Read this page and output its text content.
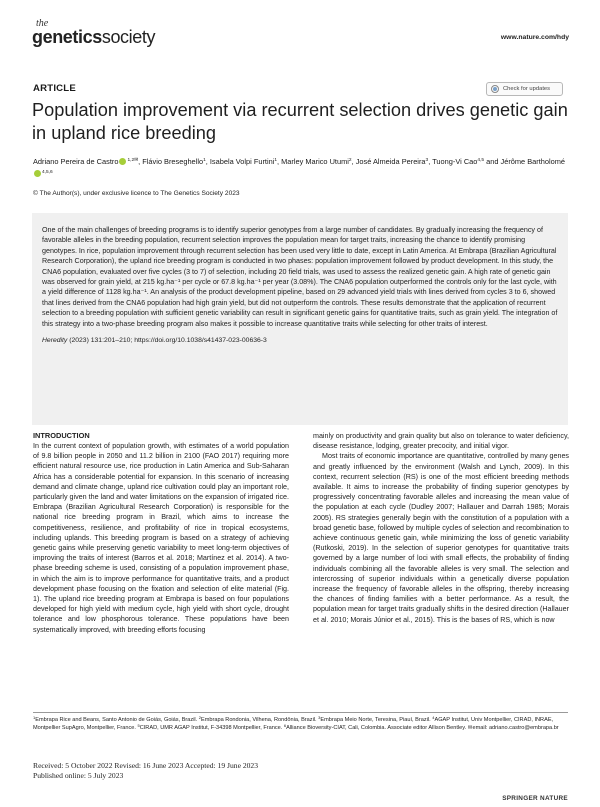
the
geneticssociety	www.nature.com/hdy
ARTICLE	Check for updates
Population improvement via recurrent selection drives genetic gain in upland rice breeding
Adriano Pereira de Castro $^{1,2✉}$, Flávio Breseghello$^1$, Isabela Volpi Furtini$^1$, Marley Marico Utumi$^2$, José Almeida Pereira$^3$, Tuong-Vi Cao$^{4,5}$ and Jérôme Bartholomé$^{4,5,6}$
© The Author(s), under exclusive licence to The Genetics Society 2023

One of the main challenges of breeding programs is to identify superior genotypes from a large number of candidates. By gradually increasing the frequency of favorable alleles in the breeding population, recurrent selection improves the population mean for target traits, increasing the chance to identify promising genotypes. In rice, population improvement through recurrent selection has been used very little to date, except in Latin America. At Embrapa (Brazilian Agricultural Research Corporation), the upland rice breeding program is conducted in two phases: population improvement followed by product development. In this study, the CNA6 population, evaluated over five cycles (3 to 7) of selection, including 20 field trials, was used to assess the realized genetic gain. A high rate of genetic gain was observed for grain yield, at 215 kg.ha⁻¹ per cycle or 67.8 kg.ha⁻¹ per year (3.08%). The CNA6 population outperformed the controls only for the last cycle, with a yield difference of 1128 kg.ha⁻¹. An analysis of the product development pipeline, based on 29 advanced yield trials with lines derived from cycles 3 to 6, showed that lines derived from the CNA6 population had high grain yield, but did not outperform the controls. These results demonstrate that the application of recurrent selection to a breeding population with sufficient genetic variability can result in significant genetic gains for quantitative traits, such as grain yield. The integration of this strategy into a two-phase breeding program also makes it possible to increase quantitative traits while selecting for other traits of interest.

Heredity (2023) 131:201–210; https://doi.org/10.1038/s41437-023-00636-3

INTRODUCTION

In the current context of population growth, with estimates of a world population of 9.8 billion people in 2050 and 11.2 billion in 2100 (FAO 2017) requiring more efficient natural resource use, rice production in Latin America and Sub-Saharan Africa has a considerable potential for expansion. In this scenario of increasing demand and climate change, upland rice cultivation could play an important role, particularly given the land and water limitations on the expansion of irrigated rice. Embrapa (Brazilian Agricultural Research Corporation) is responsible for the national rice breeding program in Brazil, which aims to increase the competitiveness, resilience, and profitability of rice in tropical ecosystems, including uplands. This breeding program is based on a strategy of achieving genetic gains while preserving genetic variability to meet long-term objectives of improving the traits of interest (Barros et al. 2018; Martínez et al. 2014). A two-phase breeding scheme is used, consisting of a population improvement phase, in which the aim is to improve performance for quantitative traits, and a product development phase focusing on the fixation and selection of elite material (Fig. 1). The upland rice breeding program at Embrapa is based on four populations developed for high yield with medium cycle, high yield with short cycle, drought tolerance and low phosphorous tolerance. These populations have been systematically improved, with breeding efforts focusing

mainly on productivity and grain quality but also on tolerance to water deficiency, disease resistance, lodging, greater precocity, and initial vigor.

Most traits of economic importance are quantitative, controlled by many genes and greatly influenced by the environment (Walsh and Lynch, 2009). In this context, recurrent selection (RS) is one of the most efficient breeding methods available. It aims to increase the probability of finding superior genotypes by progressively concentrating favorable alleles and increasing the mean value of the population at each cycle (Dudley 2007; Hallauer and Darrah 1985; Morais 2005). RS strategies generally begin with the constitution of a population with a broad genetic base, followed by multiple cycles of selection and recombination to achieve continuous genetic gain, while minimizing the loss of genetic variability (Rutkoski, 2019). In the selection of superior genotypes for quantitative traits governed by a large number of loci with small effects, the probability of finding individuals combining all the favorable alleles is very small. The selection and intercrossing of superior individuals within a genetically diverse population increase the frequency of favorable alleles in the offspring, thereby increasing the chances of finding families with a better performance. As a result, the population mean for target traits gradually shifts in the desired direction (Hallauer et al. 2010; Morais Júnior et al., 2015). This is the bases of RS, which is now

$^1$Embrapa Rice and Beans, Santo Antonio de Goiás, Goiás, Brazil. $^2$Embrapa Rondonia, Vilhena, Rondônia, Brazil. $^3$Embrapa Meio Norte, Teresina, Piauí, Brazil. $^4$AGAP Institut, Univ Montpellier, CIRAD, INRAE, Montpellier SupAgro, Montpellier, France. $^5$CIRAD, UMR AGAP Institut, F-34398 Montpellier, France. $^6$Alliance Bioversity-CIAT, Cali, Colombia. Associate editor Allison Bentley. ✉email: adriano.castro@embrapa.br
Received: 5 October 2022 Revised: 16 June 2023 Accepted: 19 June 2023
Published online: 5 July 2023
SPRINGER NATURE
